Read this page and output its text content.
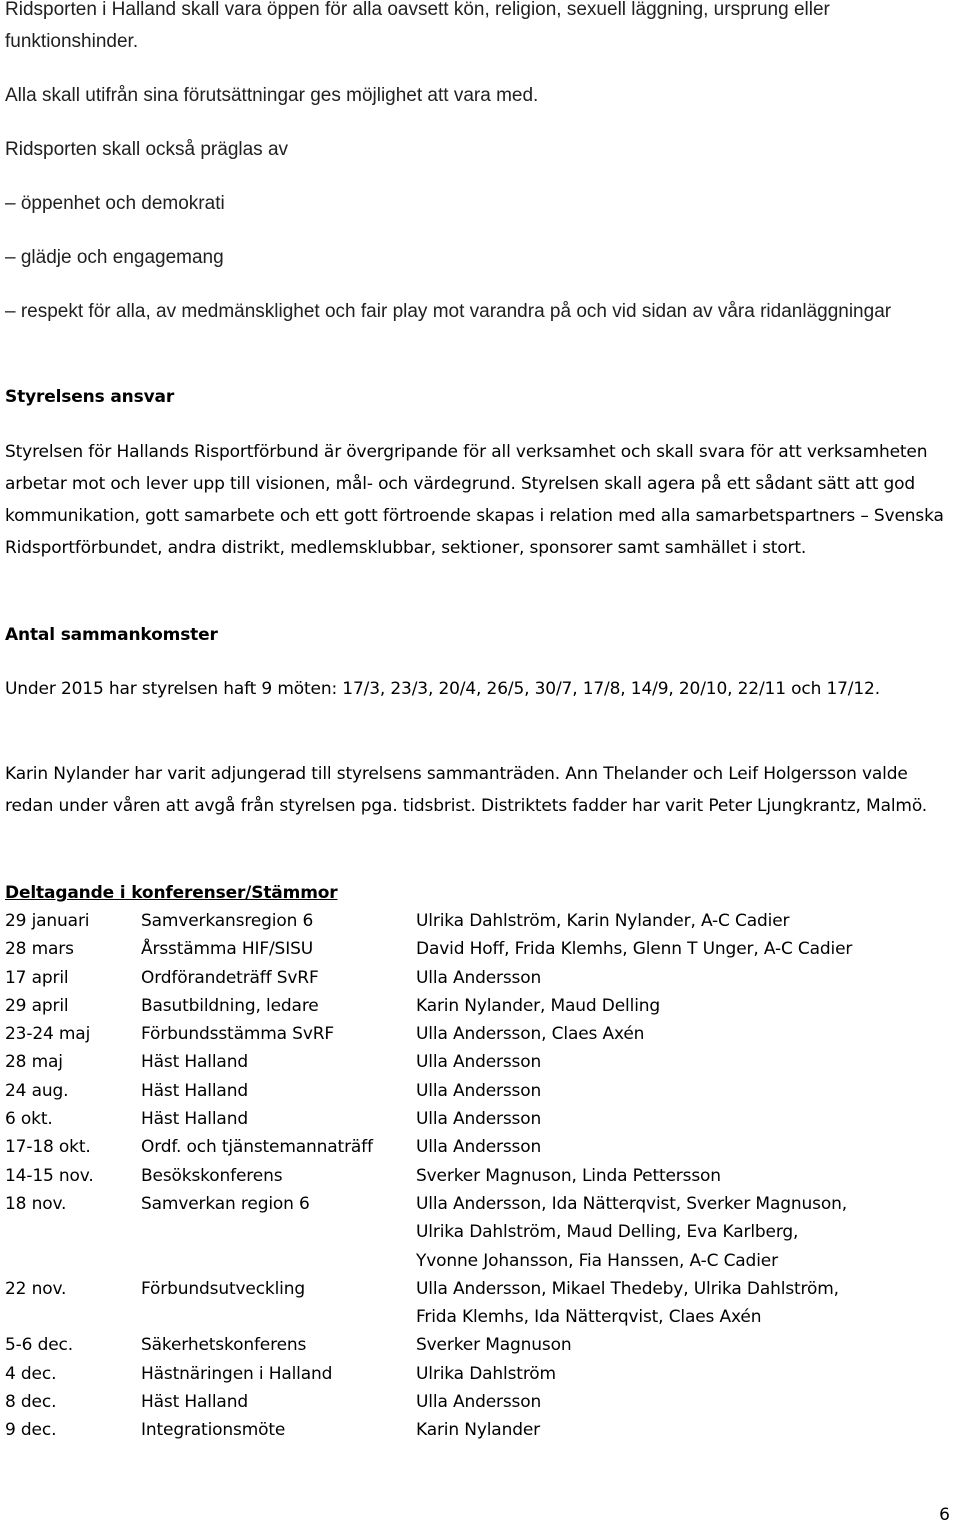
Ridsporten i Halland skall vara öppen för alla oavsett kön, religion, sexuell läggning, ursprung eller funktionshinder.

Alla skall utifrån sina förutsättningar ges möjlighet att vara med.

Ridsporten skall också präglas av

– öppenhet och demokrati

– glädje och engagemang

– respekt för alla, av medmänsklighet och fair play mot varandra på och vid sidan av våra ridanläggningar

Styrelsens ansvar

Styrelsen för Hallands Risportförbund är övergripande för all verksamhet och skall svara för att verksamheten arbetar mot och lever upp till visionen, mål- och värdegrund. Styrelsen skall agera på ett sådant sätt att god kommunikation, gott samarbete och ett gott förtroende skapas i relation med alla samarbetspartners – Svenska Ridsportförbundet, andra distrikt, medlemsklubbar, sektioner, sponsorer samt samhället i stort.

Antal sammankomster

Under 2015 har styrelsen haft 9 möten: 17/3, 23/3, 20/4, 26/5, 30/7, 17/8, 14/9, 20/10, 22/11 och 17/12.

Karin Nylander har varit adjungerad till styrelsens sammanträden. Ann Thelander och Leif Holgersson valde redan under våren att avgå från styrelsen pga. tidsbrist. Distriktets fadder har varit Peter Ljungkrantz, Malmö.

Deltagande i konferenser/Stämmor

29 januari	Samverkansregion 6	Ulrika Dahlström, Karin Nylander, A-C Cadier
28 mars	Årsstämma HIF/SISU	David Hoff, Frida Klemhs, Glenn T Unger, A-C Cadier
17 april	Ordförandeträff SvRF	Ulla Andersson
29 april	Basutbildning, ledare	Karin Nylander, Maud Delling
23-24 maj	Förbundsstämma SvRF	Ulla Andersson, Claes Axén
28 maj	Häst Halland	Ulla Andersson
24 aug.	Häst Halland	Ulla Andersson
6 okt.	Häst Halland	Ulla Andersson
17-18 okt.	Ordf. och tjänstemannaträff	Ulla Andersson
14-15 nov.	Besökskonferens	Sverker Magnuson, Linda Pettersson
18 nov.	Samverkan region 6	Ulla Andersson, Ida Nätterqvist, Sverker Magnuson,
Ulrika Dahlström, Maud Delling, Eva Karlberg,
Yvonne Johansson, Fia Hanssen, A-C Cadier
22 nov.	Förbundsutveckling	Ulla Andersson, Mikael Thedeby, Ulrika Dahlström,
Frida Klemhs, Ida Nätterqvist, Claes Axén
5-6 dec.	Säkerhetskonferens	Sverker Magnuson
4 dec.	Hästnäringen i Halland	Ulrika Dahlström
8 dec.	Häst Halland	Ulla Andersson
9 dec.	Integrationsmöte	Karin Nylander
6
